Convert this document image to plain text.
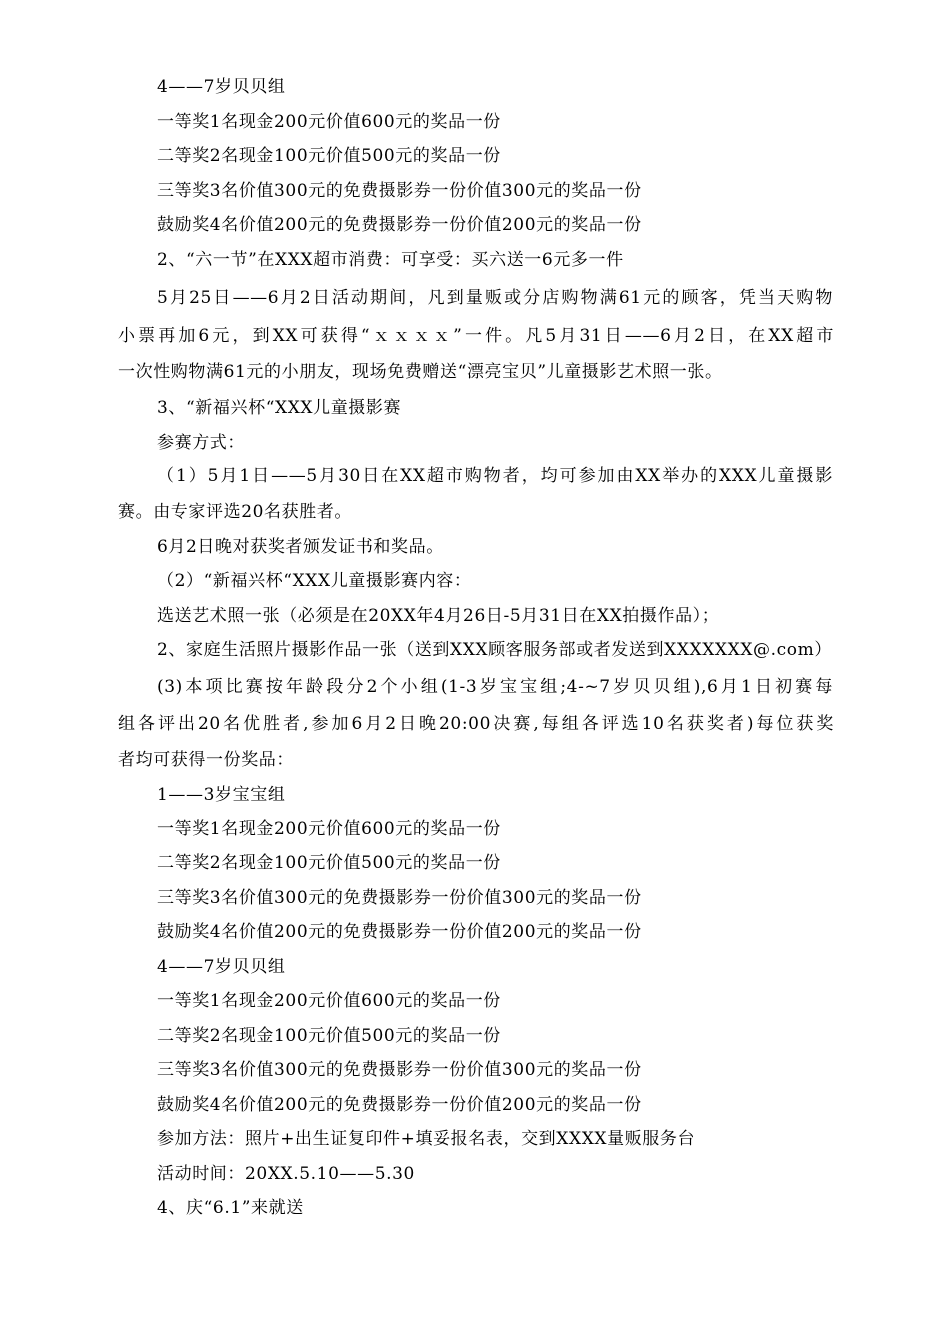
4——7岁贝贝组
一等奖1名现金200元价值600元的奖品一份
二等奖2名现金100元价值500元的奖品一份
三等奖3名价值300元的免费摄影券一份价值300元的奖品一份
鼓励奖4名价值200元的免费摄影券一份价值200元的奖品一份
2、“六一节”在XXX超市消费：可享受：买六送一6元多一件
5月25日——6月2日活动期间，凡到量贩或分店购物满61元的顾客，凭当天购物
小票再加6元，到XX可获得“ｘｘｘｘ”一件。凡5月31日——6月2日，在XX超市
一次性购物满61元的小朋友，现场免费赠送“漂亮宝贝”儿童摄影艺术照一张。
3、“新福兴杯“XXX儿童摄影赛
参赛方式：
（1）5月1日——5月30日在XX超市购物者，均可参加由XX举办的XXX儿童摄影
赛。由专家评选20名获胜者。
6月2日晚对获奖者颁发证书和奖品。
（2）“新福兴杯“XXX儿童摄影赛内容：
选送艺术照一张（必须是在20XX年4月26日-5月31日在XX拍摄作品）；
2、家庭生活照片摄影作品一张（送到XXX顾客服务部或者发送到XXXXXXX@.com）
(3)本项比赛按年龄段分2个小组(1-3岁宝宝组;4-~7岁贝贝组),6月1日初赛每
组各评出20名优胜者,参加6月2日晚20:00决赛,每组各评选10名获奖者)每位获奖
者均可获得一份奖品：
1——3岁宝宝组
一等奖1名现金200元价值600元的奖品一份
二等奖2名现金100元价值500元的奖品一份
三等奖3名价值300元的免费摄影券一份价值300元的奖品一份
鼓励奖4名价值200元的免费摄影券一份价值200元的奖品一份
4——7岁贝贝组
一等奖1名现金200元价值600元的奖品一份
二等奖2名现金100元价值500元的奖品一份
三等奖3名价值300元的免费摄影券一份价值300元的奖品一份
鼓励奖4名价值200元的免费摄影券一份价值200元的奖品一份
参加方法：照片+出生证复印件+填妥报名表，交到XXXX量贩服务台
活动时间：20XX.5.10——5.30
4、庆“6.1”来就送
